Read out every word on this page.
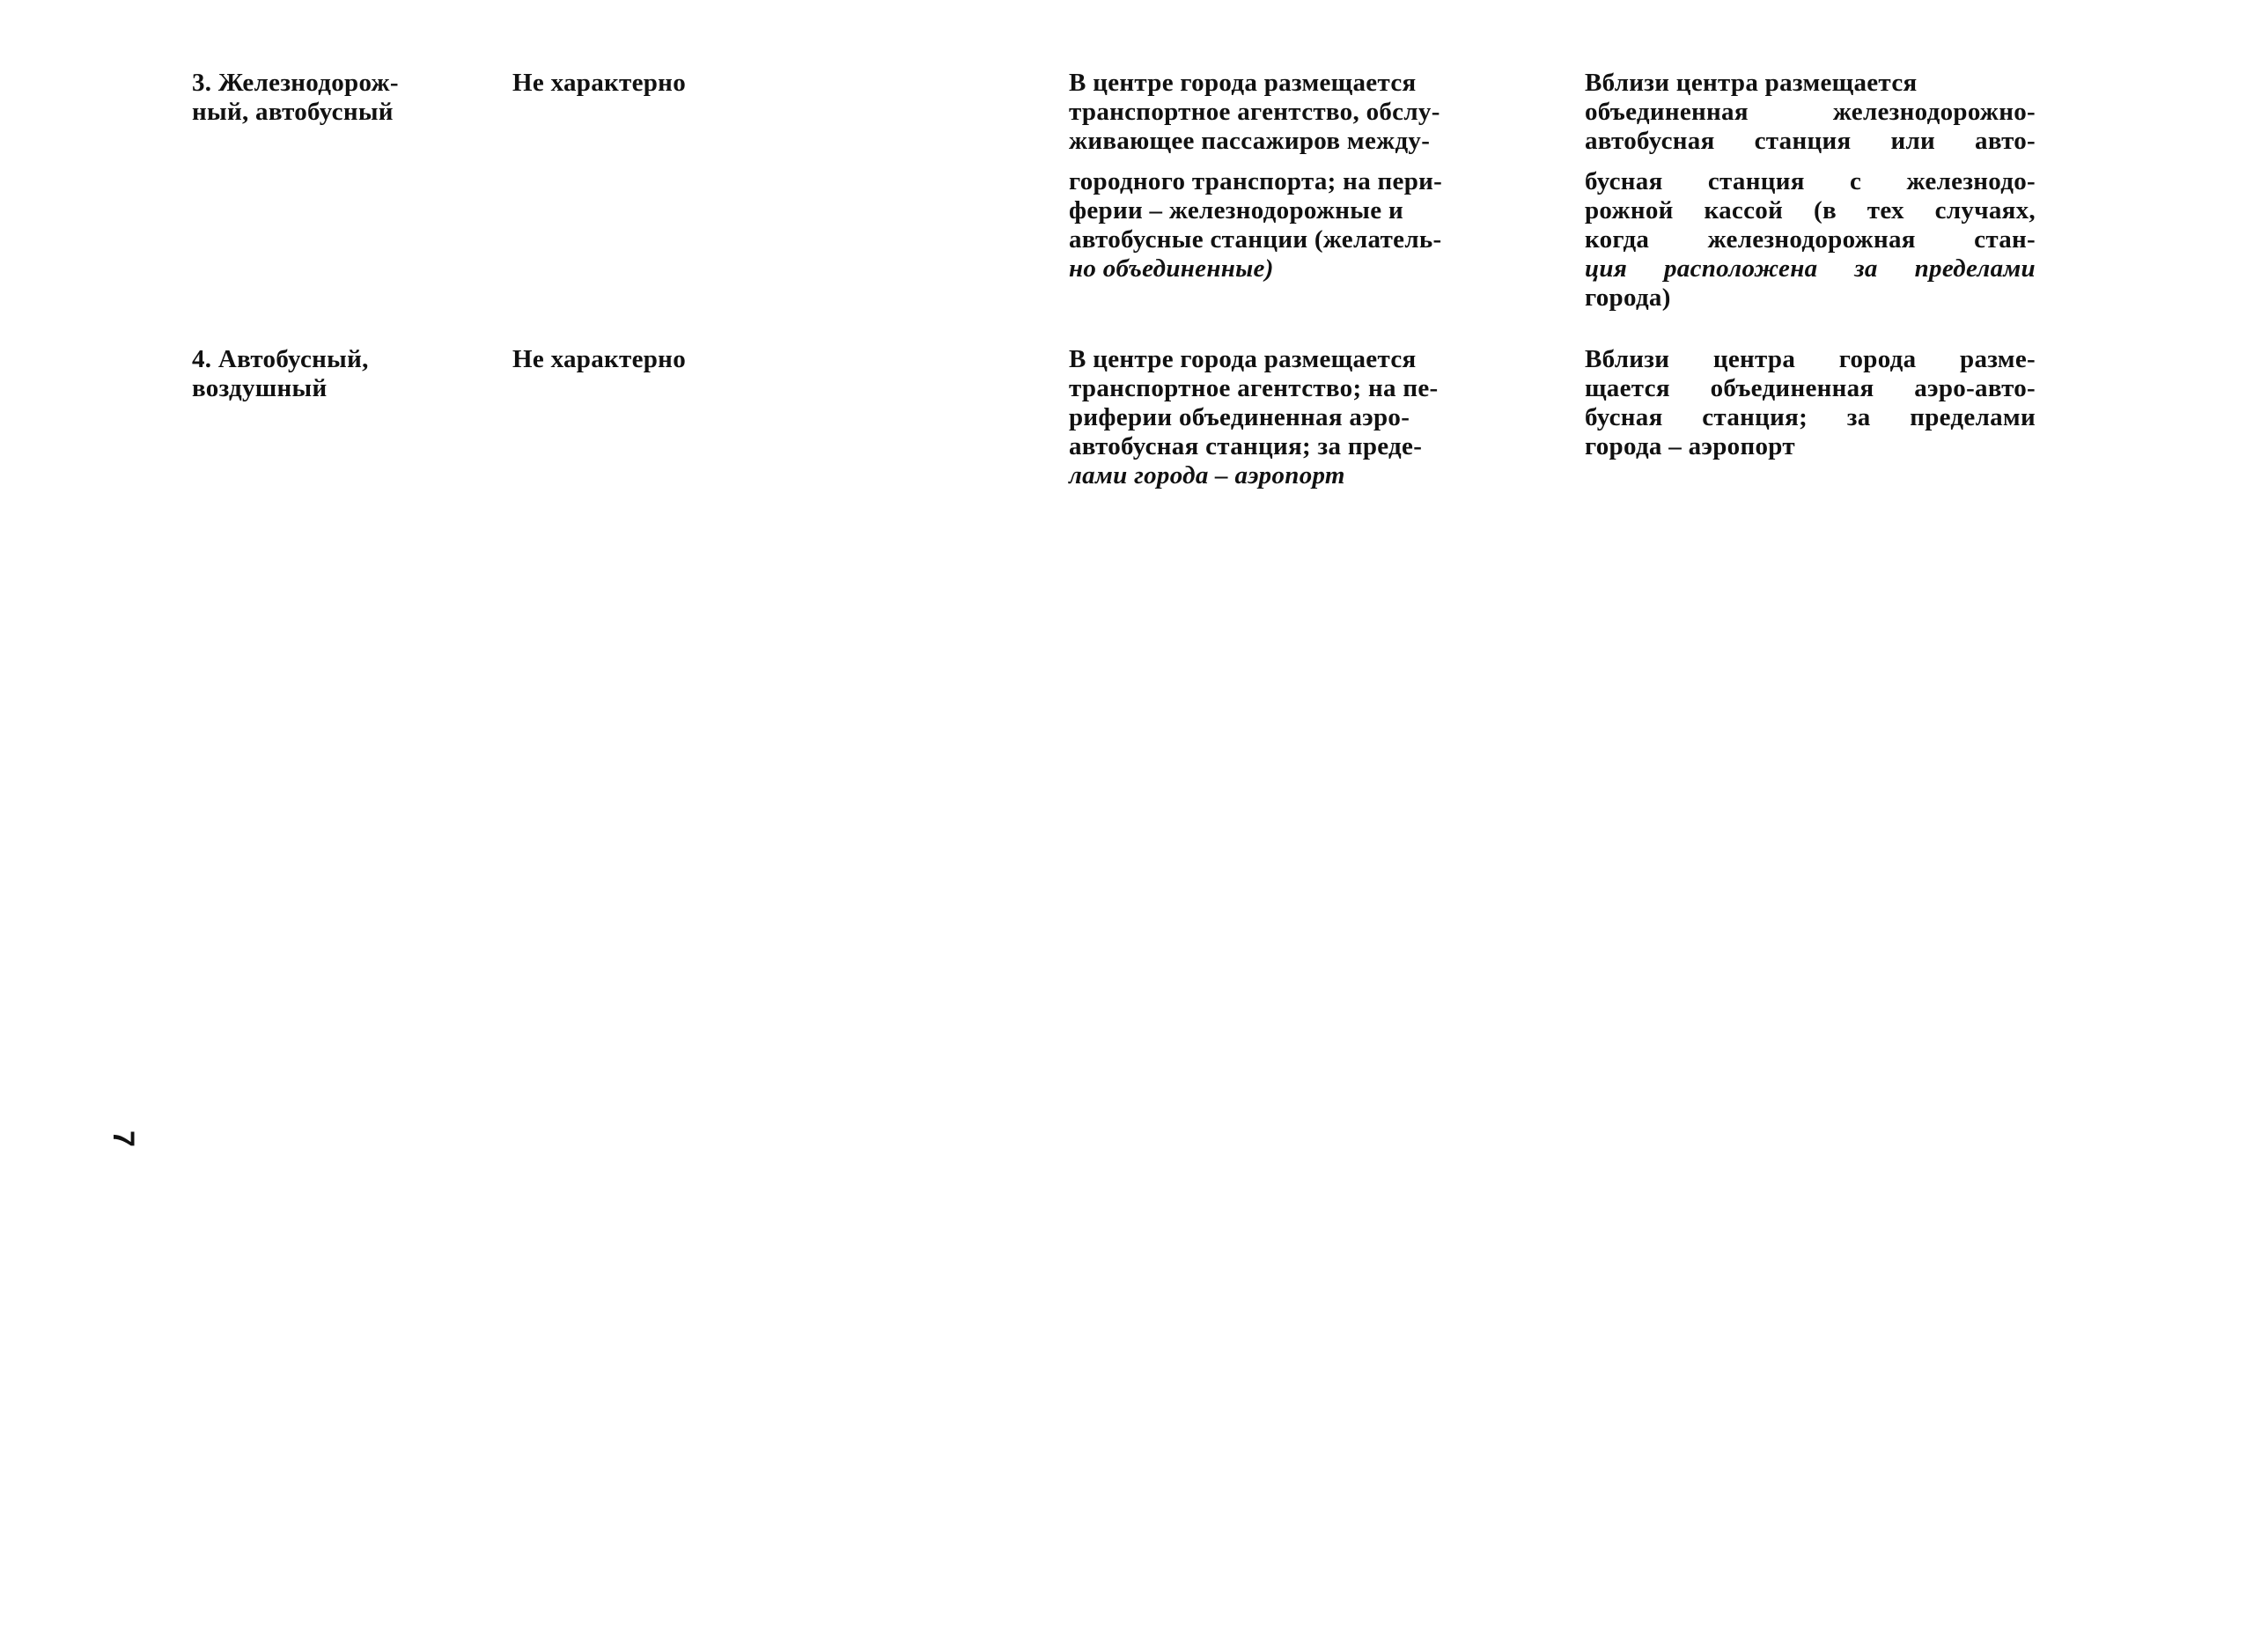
3. Железнодорож-
ный, автобусный
Не характерно	В центре города размещается
транспортное агентство, обслу-
живающее пассажиров между-
городного транспорта; на пери-
ферии – железнодорожные и
автобусные станции (желатель-
но объединенные)
Вблизи центра размещается
объединенная железнодорожно-
автобусная станция или авто-
бусная станция с железнодо-
рожной кассой (в тех случаях,
когда железнодорожная стан-
ция расположена за пределами
города)
4. Автобусный,
воздушный
Не характерно	В центре города размещается
транспортное агентство; на пе-
риферии объединенная аэро-
автобусная станция; за преде-
лами города – аэропорт
Вблизи центра города разме-
щается объединенная аэро-авто-
бусная станция; за пределами
города – аэропорт
7
